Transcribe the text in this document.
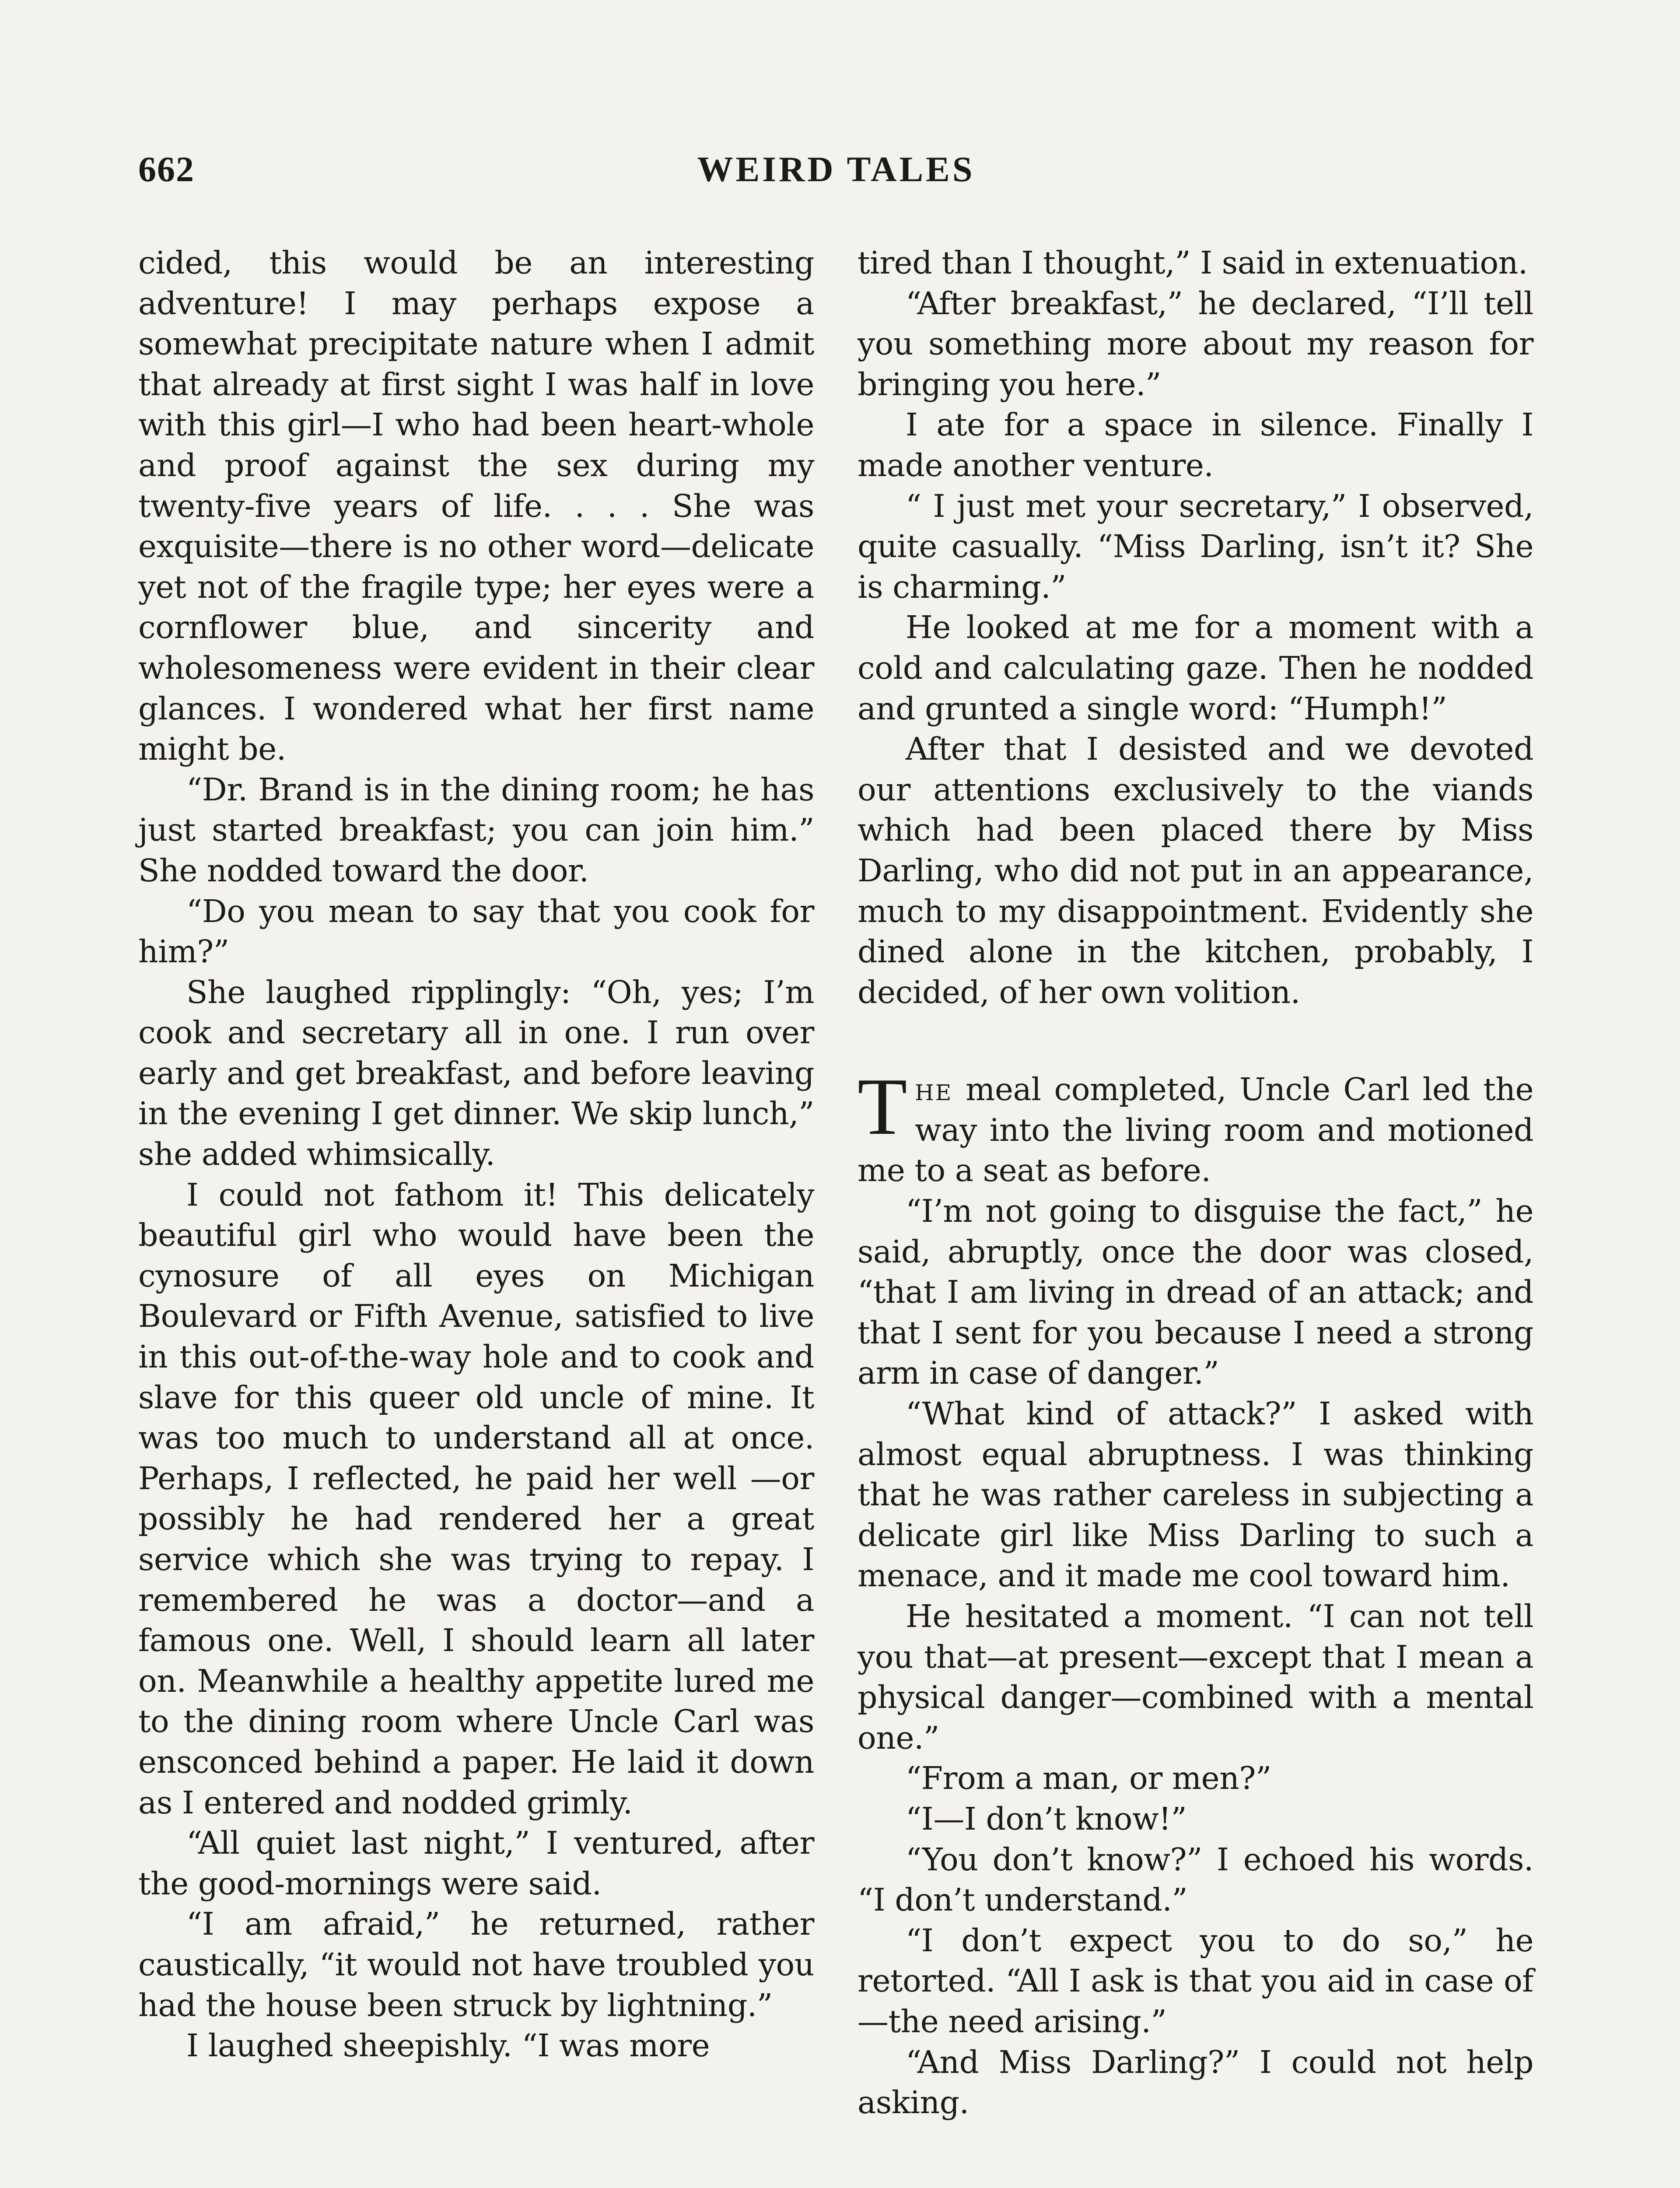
662	WEIRD TALES

cided, this would be an interesting adventure! I may perhaps expose a somewhat precipitate nature when I admit that already at first sight I was half in love with this girl—I who had been heart-whole and proof against the sex during my twenty-five years of life. . . . She was exquisite—there is no other word—delicate yet not of the fragile type; her eyes were a cornflower blue, and sincerity and wholesomeness were evident in their clear glances. I wondered what her first name might be.

“Dr. Brand is in the dining room; he has just started breakfast; you can join him.” She nodded toward the door.

“Do you mean to say that you cook for him?”

She laughed ripplingly: “Oh, yes; I’m cook and secretary all in one. I run over early and get breakfast, and before leaving in the evening I get dinner. We skip lunch,” she added whimsically.

I could not fathom it! This delicately beautiful girl who would have been the cynosure of all eyes on Michigan Boulevard or Fifth Avenue, satisfied to live in this out-of-the-way hole and to cook and slave for this queer old uncle of mine. It was too much to understand all at once. Perhaps, I reflected, he paid her well —or possibly he had rendered her a great service which she was trying to repay. I remembered he was a doctor—and a famous one. Well, I should learn all later on. Meanwhile a healthy appetite lured me to the dining room where Uncle Carl was ensconced behind a paper. He laid it down as I entered and nodded grimly.

“All quiet last night,” I ventured, after the good-mornings were said.

“I am afraid,” he returned, rather caustically, “it would not have troubled you had the house been struck by lightning.”

I laughed sheepishly. “I was more

tired than I thought,” I said in extenuation.

“After breakfast,” he declared, “I’ll tell you something more about my reason for bringing you here.”

I ate for a space in silence. Finally I made another venture.

“ I just met your secretary,” I observed, quite casually. “Miss Darling, isn’t it? She is charming.”

He looked at me for a moment with a cold and calculating gaze. Then he nodded and grunted a single word: “Humph!”

After that I desisted and we devoted our attentions exclusively to the viands which had been placed there by Miss Darling, who did not put in an appearance, much to my disappointment. Evidently she dined alone in the kitchen, probably, I decided, of her own volition.

The meal completed, Uncle Carl led the way into the living room and motioned me to a seat as before.

“I’m not going to disguise the fact,” he said, abruptly, once the door was closed, “that I am living in dread of an attack; and that I sent for you because I need a strong arm in case of danger.”

“What kind of attack?” I asked with almost equal abruptness. I was thinking that he was rather careless in subjecting a delicate girl like Miss Darling to such a menace, and it made me cool toward him.

He hesitated a moment. “I can not tell you that—at present—except that I mean a physical danger—combined with a mental one.”

“From a man, or men?”

“I—I don’t know!”

“You don’t know?” I echoed his words. “I don’t understand.”

“I don’t expect you to do so,” he retorted. “All I ask is that you aid in case of—the need arising.”

“And Miss Darling?” I could not help asking.
